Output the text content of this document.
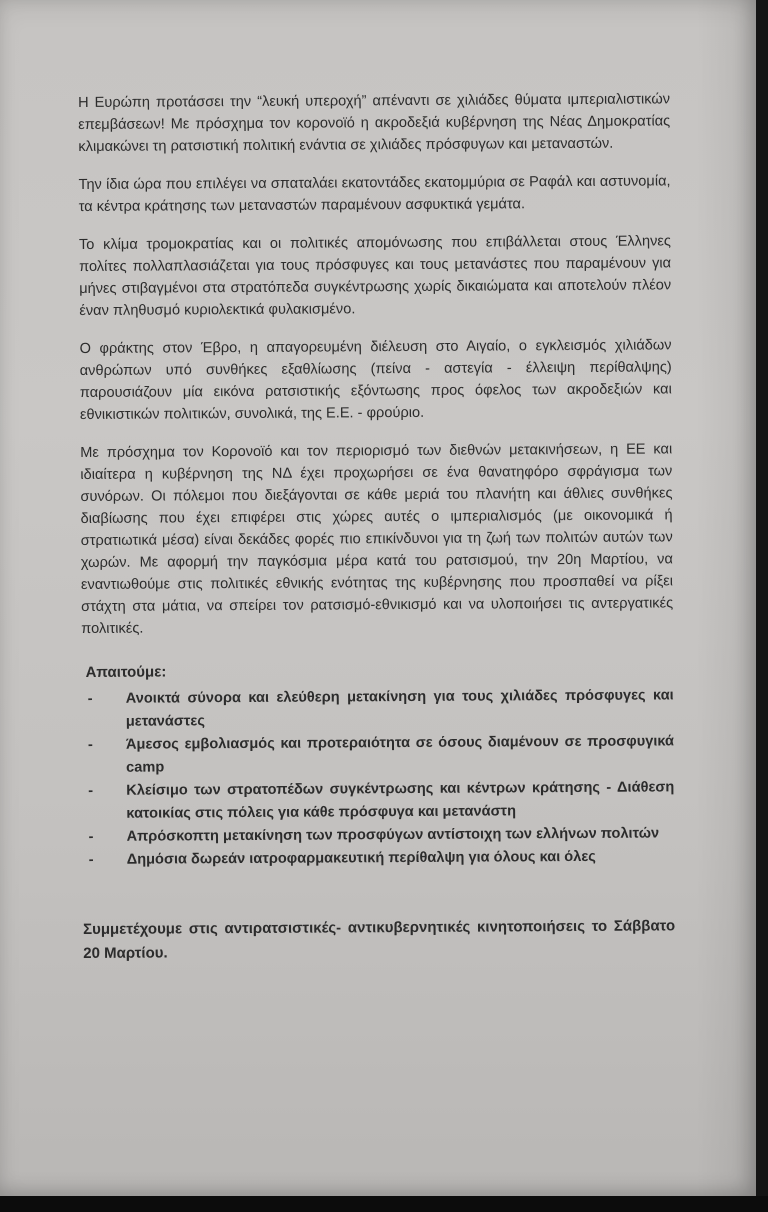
Η Ευρώπη προτάσσει την “λευκή υπεροχή” απέναντι σε χιλιάδες θύματα ιμπεριαλιστικών επεμβάσεων! Με πρόσχημα τον κορονοϊό η ακροδεξιά κυβέρνηση της Νέας Δημοκρατίας κλιμακώνει τη ρατσιστική πολιτική ενάντια σε χιλιάδες πρόσφυγων και μεταναστών.

Την ίδια ώρα που επιλέγει να σπαταλάει εκατοντάδες εκατομμύρια σε Ραφάλ και αστυνομία, τα κέντρα κράτησης των μεταναστών παραμένουν ασφυκτικά γεμάτα.

Το κλίμα τρομοκρατίας και οι πολιτικές απομόνωσης που επιβάλλεται στους Έλληνες πολίτες πολλαπλασιάζεται για τους πρόσφυγες και τους μετανάστες που παραμένουν για μήνες στιβαγμένοι στα στρατόπεδα συγκέντρωσης χωρίς δικαιώματα και αποτελούν πλέον έναν πληθυσμό κυριολεκτικά φυλακισμένο.

Ο φράκτης στον Έβρο, η απαγορευμένη διέλευση στο Αιγαίο, ο εγκλεισμός χιλιάδων ανθρώπων υπό συνθήκες εξαθλίωσης (πείνα - αστεγία - έλλειψη περίθαλψης) παρουσιάζουν μία εικόνα ρατσιστικής εξόντωσης προς όφελος των ακροδεξιών και εθνικιστικών πολιτικών, συνολικά, της Ε.Ε. - φρούριο.

Με πρόσχημα τον Κορονοϊό και τον περιορισμό των διεθνών μετακινήσεων, η ΕΕ και ιδιαίτερα η κυβέρνηση της ΝΔ έχει προχωρήσει σε ένα θανατηφόρο σφράγισμα των συνόρων. Οι πόλεμοι που διεξάγονται σε κάθε μεριά του πλανήτη και άθλιες συνθήκες διαβίωσης που έχει επιφέρει στις χώρες αυτές ο ιμπεριαλισμός (με οικονομικά ή στρατιωτικά μέσα) είναι δεκάδες φορές πιο επικίνδυνοι για τη ζωή των πολιτών αυτών των χωρών. Με αφορμή την παγκόσμια μέρα κατά του ρατσισμού, την 20η Μαρτίου, να εναντιωθούμε στις πολιτικές εθνικής ενότητας της κυβέρνησης που προσπαθεί να ρίξει στάχτη στα μάτια, να σπείρει τον ρατσισμό-εθνικισμό και να υλοποιήσει τις αντεργατικές πολιτικές.

Απαιτούμε:
-	Ανοικτά σύνορα και ελεύθερη μετακίνηση για τους χιλιάδες πρόσφυγες και μετανάστες
-	Άμεσος εμβολιασμός και προτεραιότητα σε όσους διαμένουν σε προσφυγικά camp
-	Κλείσιμο των στρατοπέδων συγκέντρωσης και κέντρων κράτησης - Διάθεση κατοικίας στις πόλεις για κάθε πρόσφυγα και μετανάστη
-	Απρόσκοπτη μετακίνηση των προσφύγων αντίστοιχη των ελλήνων πολιτών
-	Δημόσια δωρεάν ιατροφαρμακευτική περίθαλψη για όλους και όλες

Συμμετέχουμε στις αντιρατσιστικές- αντικυβερνητικές κινητοποιήσεις το Σάββατο 20 Μαρτίου.
